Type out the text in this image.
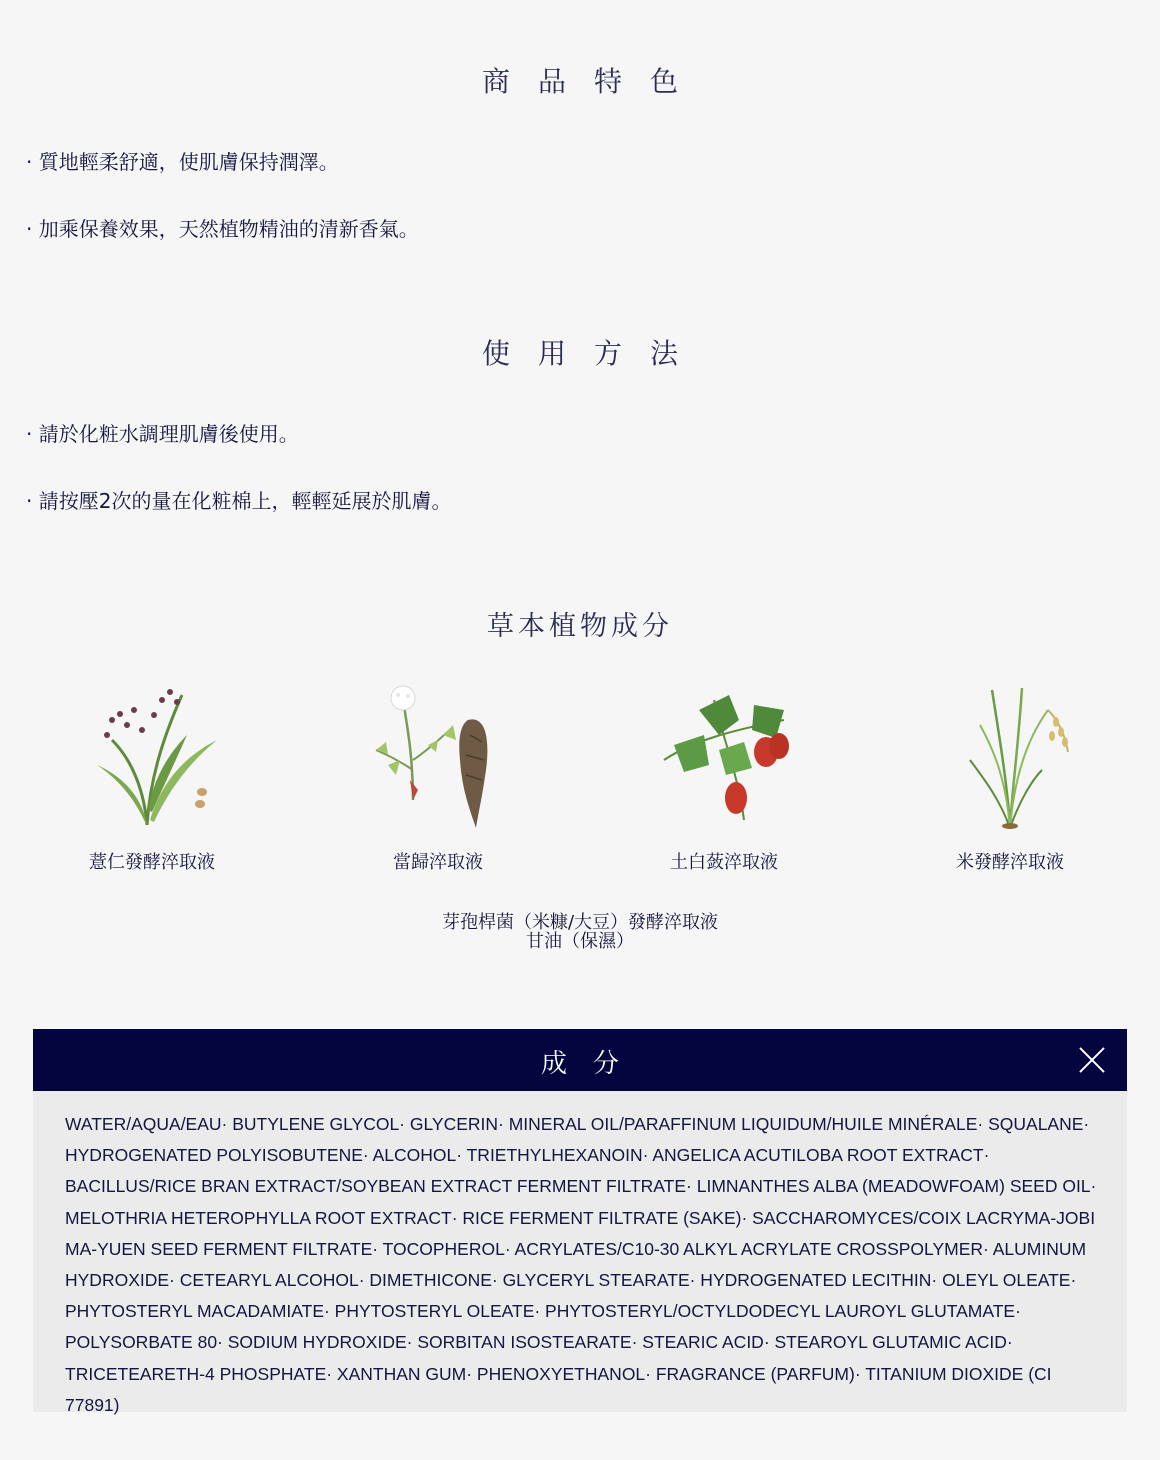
商品特色
· 質地輕柔舒適，使肌膚保持潤澤。
· 加乘保養效果，天然植物精油的清新香氣。
使用方法
· 請於化粧水調理肌膚後使用。
· 請按壓2次的量在化粧棉上，輕輕延展於肌膚。
草本植物成分
薏仁發酵淬取液	當歸淬取液	土白蔹淬取液	米發酵淬取液
芽孢桿菌（米糠/大豆）發酵淬取液
甘油（保濕）
成分

WATER/AQUA/EAU· BUTYLENE GLYCOL· GLYCERIN· MINERAL OIL/PARAFFINUM LIQUIDUM/HUILE MINÉRALE· SQUALANE· HYDROGENATED POLYISOBUTENE· ALCOHOL· TRIETHYLHEXANOIN· ANGELICA ACUTILOBA ROOT EXTRACT· BACILLUS/RICE BRAN EXTRACT/SOYBEAN EXTRACT FERMENT FILTRATE· LIMNANTHES ALBA (MEADOWFOAM) SEED OIL· MELOTHRIA HETEROPHYLLA ROOT EXTRACT· RICE FERMENT FILTRATE (SAKE)· SACCHAROMYCES/COIX LACRYMA-JOBI MA-YUEN SEED FERMENT FILTRATE· TOCOPHEROL· ACRYLATES/C10-30 ALKYL ACRYLATE CROSSPOLYMER· ALUMINUM HYDROXIDE· CETEARYL ALCOHOL· DIMETHICONE· GLYCERYL STEARATE· HYDROGENATED LECITHIN· OLEYL OLEATE· PHYTOSTERYL MACADAMIATE· PHYTOSTERYL OLEATE· PHYTOSTERYL/OCTYLDODECYL LAUROYL GLUTAMATE· POLYSORBATE 80· SODIUM HYDROXIDE· SORBITAN ISOSTEARATE· STEARIC ACID· STEAROYL GLUTAMIC ACID· TRICETEARETH-4 PHOSPHATE· XANTHAN GUM· PHENOXYETHANOL· FRAGRANCE (PARFUM)· TITANIUM DIOXIDE (CI 77891)
